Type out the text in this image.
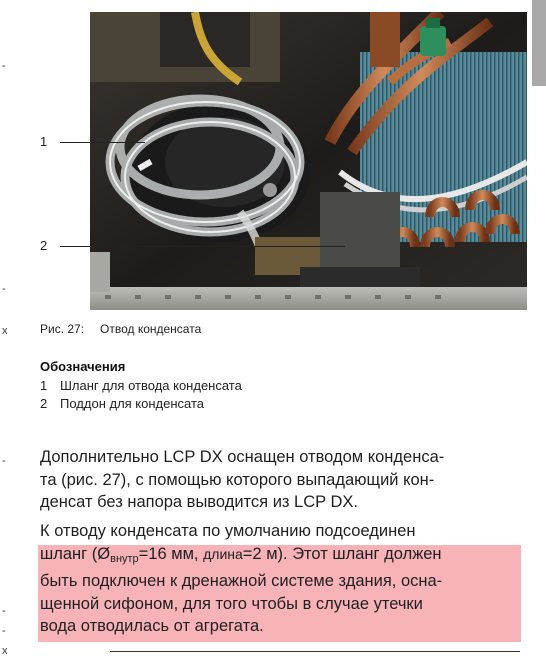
-
-
x
-
-
-
x
1
2
Рис. 27: Отвод конденсата
Обозначения
1 Шланг для отвода конденсата
2 Поддон для конденсата
Дополнительно LCP DX оснащен отводом конденса-
та (рис. 27), с помощью которого выпадающий кон-
денсат без напора выводится из LCP DX.
К отводу конденсата по умолчанию подсоединен
шланг ($Ø_{внутр}=16$ мм, длина=2 м). Этот шланг должен
быть подключен к дренажной системе здания, осна-
щенной сифоном, для того чтобы в случае утечки
вода отводилась от агрегата.
